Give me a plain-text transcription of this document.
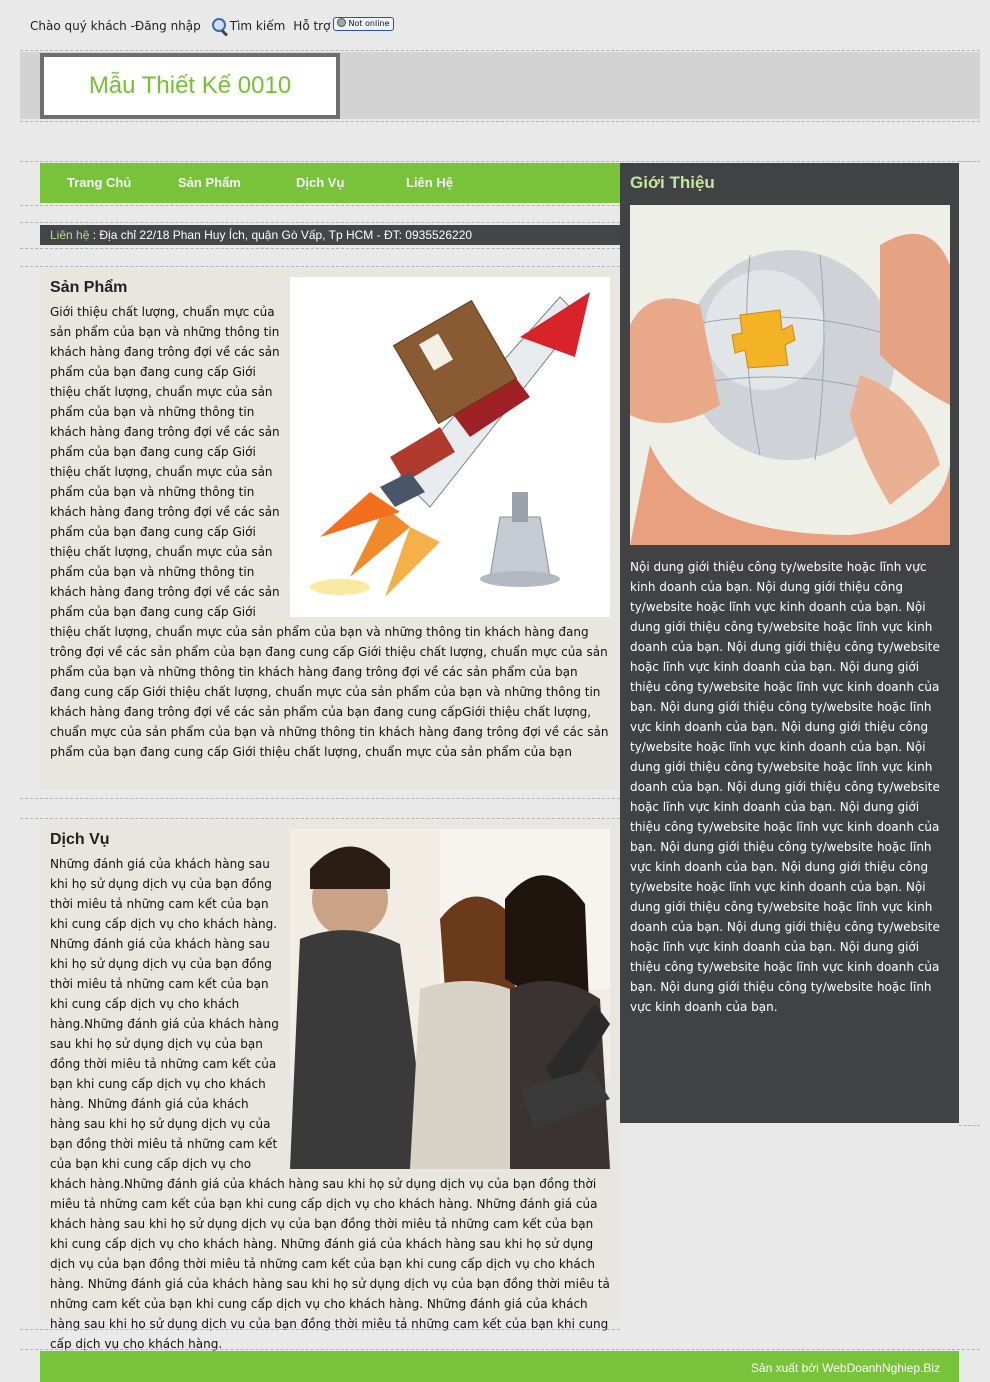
Chào quý khách - Đăng nhập Tìm kiếm Hỗ trợ	Not online
Mẫu Thiết Kế 0010
Trang Chủ	Sản Phẩm	Dịch Vụ	Liên Hệ
Liên hệ : Địa chỉ 22/18 Phan Huy Ích, quận Gò Vấp, Tp HCM - ĐT: 0935526220
Sản Phẩm
Giới thiệu chất lượng, chuẩn mực của sản phẩm của bạn và những thông tin khách hàng đang trông đợi về các sản phẩm của bạn đang cung cấp Giới thiệu chất lượng, chuẩn mực của sản phẩm của bạn và những thông tin khách hàng đang trông đợi về các sản phẩm của bạn đang cung cấp Giới thiệu chất lượng, chuẩn mực của sản phẩm của bạn và những thông tin khách hàng đang trông đợi về các sản phẩm của bạn đang cung cấp Giới thiệu chất lượng, chuẩn mực của sản phẩm của bạn và những thông tin khách hàng đang trông đợi về các sản phẩm của bạn đang cung cấp Giới thiệu chất lượng, chuẩn mực của sản phẩm của bạn và những thông tin khách hàng đang trông đợi về các sản phẩm của bạn đang cung cấp Giới thiệu chất lượng, chuẩn mực của sản phẩm của bạn và những thông tin khách hàng đang trông đợi về các sản phẩm của bạn đang cung cấp Giới thiệu chất lượng, chuẩn mực của sản phẩm của bạn và những thông tin khách hàng đang trông đợi về các sản phẩm của bạn đang cung cấpGiới thiệu chất lượng, chuẩn mực của sản phẩm của bạn và những thông tin khách hàng đang trông đợi về các sản phẩm của bạn đang cung cấp Giới thiệu chất lượng, chuẩn mực của sản phẩm của bạn
Dịch Vụ
Những đánh giá của khách hàng sau khi họ sử dụng dịch vụ của bạn đồng thời miêu tả những cam kết của bạn khi cung cấp dịch vụ cho khách hàng. Những đánh giá của khách hàng sau khi họ sử dụng dịch vụ của bạn đồng thời miêu tả những cam kết của bạn khi cung cấp dịch vụ cho khách hàng.Những đánh giá của khách hàng sau khi họ sử dụng dịch vụ của bạn đồng thời miêu tả những cam kết của bạn khi cung cấp dịch vụ cho khách hàng. Những đánh giá của khách hàng sau khi họ sử dụng dịch vụ của bạn đồng thời miêu tả những cam kết của bạn khi cung cấp dịch vụ cho khách hàng.Những đánh giá của khách hàng sau khi họ sử dụng dịch vụ của bạn đồng thời miêu tả những cam kết của bạn khi cung cấp dịch vụ cho khách hàng. Những đánh giá của khách hàng sau khi họ sử dụng dịch vụ của bạn đồng thời miêu tả những cam kết của bạn khi cung cấp dịch vụ cho khách hàng. Những đánh giá của khách hàng sau khi họ sử dụng dịch vụ của bạn đồng thời miêu tả những cam kết của bạn khi cung cấp dịch vụ cho khách hàng. Những đánh giá của khách hàng sau khi họ sử dụng dịch vụ của bạn đồng thời miêu tả những cam kết của bạn khi cung cấp dịch vụ cho khách hàng. Những đánh giá của khách hàng sau khi họ sử dụng dịch vụ của bạn đồng thời miêu tả những cam kết của bạn khi cung cấp dịch vụ cho khách hàng.
Giới Thiệu
Nội dung giới thiệu công ty/website hoặc lĩnh vực kinh doanh của bạn. Nội dung giới thiệu công ty/website hoặc lĩnh vực kinh doanh của bạn. Nội dung giới thiệu công ty/website hoặc lĩnh vực kinh doanh của bạn. Nội dung giới thiệu công ty/website hoặc lĩnh vực kinh doanh của bạn. Nội dung giới thiệu công ty/website hoặc lĩnh vực kinh doanh của bạn. Nội dung giới thiệu công ty/website hoặc lĩnh vực kinh doanh của bạn. Nội dung giới thiệu công ty/website hoặc lĩnh vực kinh doanh của bạn. Nội dung giới thiệu công ty/website hoặc lĩnh vực kinh doanh của bạn. Nội dung giới thiệu công ty/website hoặc lĩnh vực kinh doanh của bạn. Nội dung giới thiệu công ty/website hoặc lĩnh vực kinh doanh của bạn. Nội dung giới thiệu công ty/website hoặc lĩnh vực kinh doanh của bạn. Nội dung giới thiệu công ty/website hoặc lĩnh vực kinh doanh của bạn. Nội dung giới thiệu công ty/website hoặc lĩnh vực kinh doanh của bạn. Nội dung giới thiệu công ty/website hoặc lĩnh vực kinh doanh của bạn. Nội dung giới thiệu công ty/website hoặc lĩnh vực kinh doanh của bạn. Nội dung giới thiệu công ty/website hoặc lĩnh vực kinh doanh của bạn.
Sản xuất bởi WebDoanhNghiep.Biz
